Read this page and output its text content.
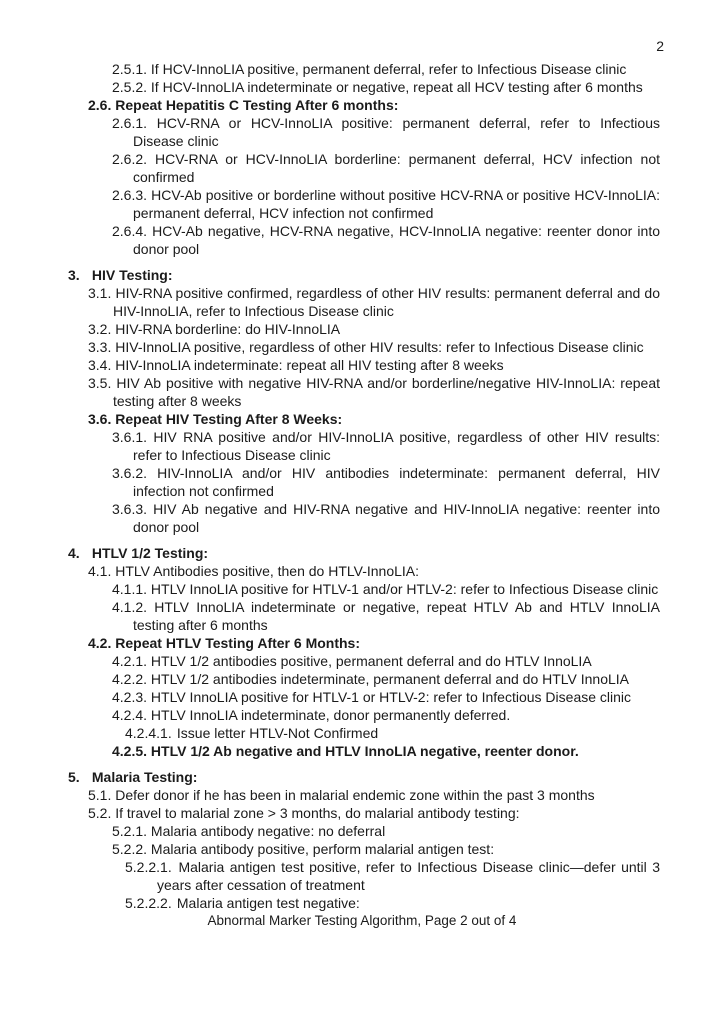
2
2.5.1. If HCV-InnoLIA positive, permanent deferral, refer to Infectious Disease clinic
2.5.2. If HCV-InnoLIA indeterminate or negative, repeat all HCV testing after 6 months
2.6. Repeat Hepatitis C Testing After 6 months:
2.6.1. HCV-RNA or HCV-InnoLIA positive: permanent deferral, refer to Infectious Disease clinic
2.6.2. HCV-RNA or HCV-InnoLIA borderline: permanent deferral, HCV infection not confirmed
2.6.3. HCV-Ab positive or borderline without positive HCV-RNA or positive HCV-InnoLIA: permanent deferral, HCV infection not confirmed
2.6.4. HCV-Ab negative, HCV-RNA negative, HCV-InnoLIA negative: reenter donor into donor pool
3. HIV Testing:
3.1. HIV-RNA positive confirmed, regardless of other HIV results: permanent deferral and do HIV-InnoLIA, refer to Infectious Disease clinic
3.2. HIV-RNA borderline: do HIV-InnoLIA
3.3. HIV-InnoLIA positive, regardless of other HIV results: refer to Infectious Disease clinic
3.4. HIV-InnoLIA indeterminate: repeat all HIV testing after 8 weeks
3.5. HIV Ab positive with negative HIV-RNA and/or borderline/negative HIV-InnoLIA: repeat testing after 8 weeks
3.6. Repeat HIV Testing After 8 Weeks:
3.6.1. HIV RNA positive and/or HIV-InnoLIA positive, regardless of other HIV results: refer to Infectious Disease clinic
3.6.2. HIV-InnoLIA and/or HIV antibodies indeterminate: permanent deferral, HIV infection not confirmed
3.6.3. HIV Ab negative and HIV-RNA negative and HIV-InnoLIA negative: reenter into donor pool
4. HTLV 1/2 Testing:
4.1. HTLV Antibodies positive, then do HTLV-InnoLIA:
4.1.1. HTLV InnoLIA positive for HTLV-1 and/or HTLV-2: refer to Infectious Disease clinic
4.1.2. HTLV InnoLIA indeterminate or negative, repeat HTLV Ab and HTLV InnoLIA testing after 6 months
4.2. Repeat HTLV Testing After 6 Months:
4.2.1. HTLV 1/2 antibodies positive, permanent deferral and do HTLV InnoLIA
4.2.2. HTLV 1/2 antibodies indeterminate, permanent deferral and do HTLV InnoLIA
4.2.3. HTLV InnoLIA positive for HTLV-1 or HTLV-2: refer to Infectious Disease clinic
4.2.4. HTLV InnoLIA indeterminate, donor permanently deferred.
4.2.4.1. Issue letter HTLV-Not Confirmed
4.2.5. HTLV 1/2 Ab negative and HTLV InnoLIA negative, reenter donor.
5. Malaria Testing:
5.1. Defer donor if he has been in malarial endemic zone within the past 3 months
5.2. If travel to malarial zone > 3 months, do malarial antibody testing:
5.2.1. Malaria antibody negative: no deferral
5.2.2. Malaria antibody positive, perform malarial antigen test:
5.2.2.1. Malaria antigen test positive, refer to Infectious Disease clinic—defer until 3 years after cessation of treatment
5.2.2.2. Malaria antigen test negative:
Abnormal Marker Testing Algorithm, Page 2 out of 4
